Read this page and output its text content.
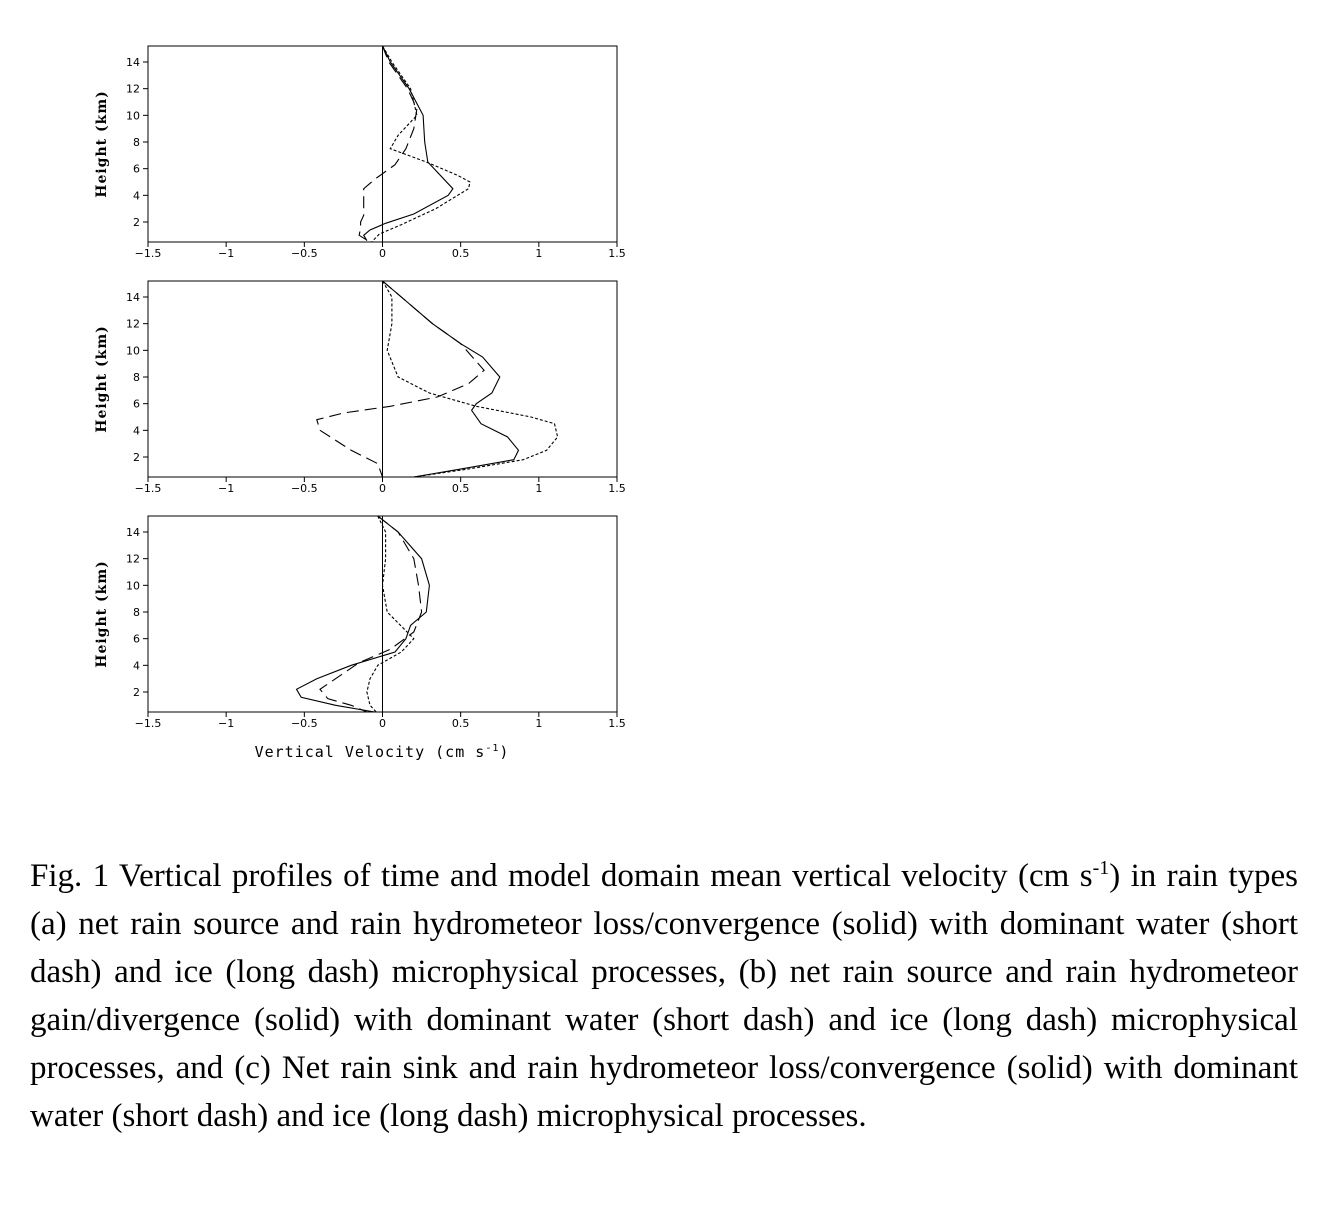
−1.5	−1	−0.5	0	0.5	1	1.5
2
4
6
8
10
12
14
Height (km)
−1.5	−1	−0.5	0	0.5	1	1.5
2
4
6
8
10
12
14
Height (km)
−1.5	−1	−0.5	0	0.5	1	1.5
2
4
6
8
10
12
14
Height (km)
Vertical Velocity (cm $s^{-1}$)

Fig. 1 Vertical profiles of time and model domain mean vertical velocity (cm $s^{-1}$) in rain types (a) net rain source and rain hydrometeor loss/convergence (solid) with dominant water (short dash) and ice (long dash) microphysical processes, (b) net rain source and rain hydrometeor gain/divergence (solid) with dominant water (short dash) and ice (long dash) microphysical processes, and (c) Net rain sink and rain hydrometeor loss/convergence (solid) with dominant water (short dash) and ice (long dash) microphysical processes.
